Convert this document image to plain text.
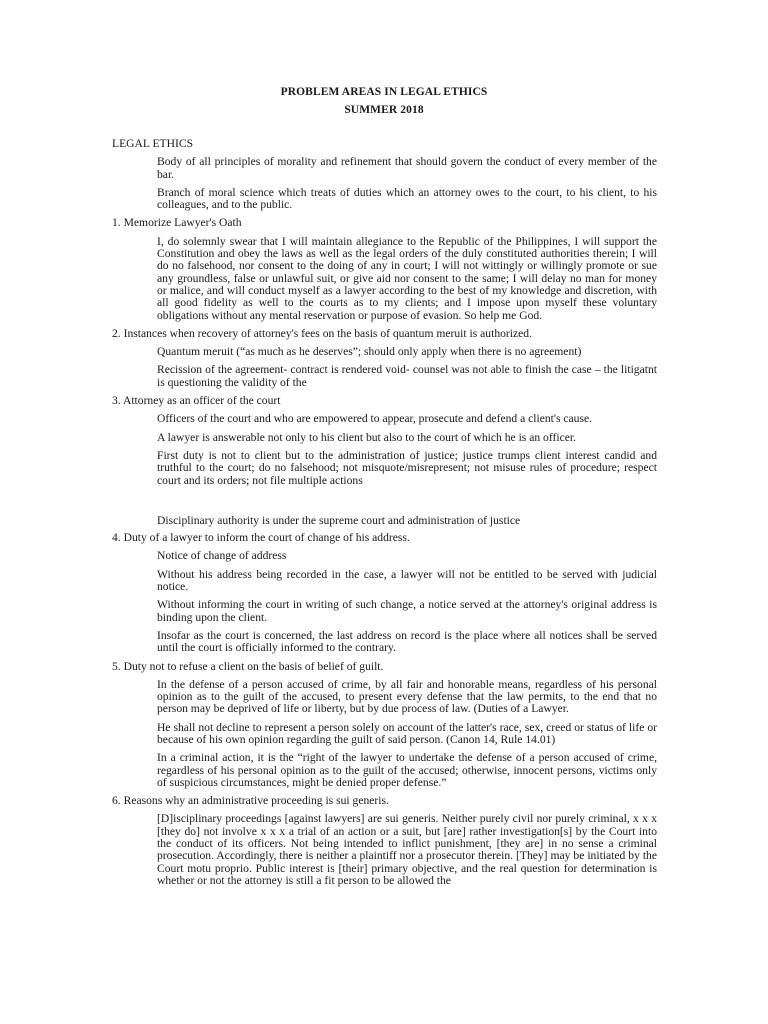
PROBLEM AREAS IN LEGAL ETHICS
SUMMER 2018
LEGAL ETHICS
Body of all principles of morality and refinement that should govern the conduct of every member of the bar.
Branch of moral science which treats of duties which an attorney owes to the court, to his client, to his colleagues, and to the public.
1. Memorize Lawyer's Oath
I, do solemnly swear that I will maintain allegiance to the Republic of the Philippines, I will support the Constitution and obey the laws as well as the legal orders of the duly constituted authorities therein; I will do no falsehood, nor consent to the doing of any in court; I will not wittingly or willingly promote or sue any groundless, false or unlawful suit, or give aid nor consent to the same; I will delay no man for money or malice, and will conduct myself as a lawyer according to the best of my knowledge and discretion, with all good fidelity as well to the courts as to my clients; and I impose upon myself these voluntary obligations without any mental reservation or purpose of evasion. So help me God.
2. Instances when recovery of attorney's fees on the basis of quantum meruit is authorized.
Quantum meruit (“as much as he deserves”; should only apply when there is no agreement)
Recission of the agreement- contract is rendered void- counsel was not able to finish the case – the litigatnt is questioning the validity of the
3. Attorney as an officer of the court
Officers of the court and who are empowered to appear, prosecute and defend a client's cause.
A lawyer is answerable not only to his client but also to the court of which he is an officer.
First duty is not to client but to the administration of justice; justice trumps client interest candid and truthful to the court; do no falsehood; not misquote/misrepresent; not misuse rules of procedure; respect court and its orders; not file multiple actions
Disciplinary authority is under the supreme court and administration of justice
4. Duty of a lawyer to inform the court of change of his address.
Notice of change of address
Without his address being recorded in the case, a lawyer will not be entitled to be served with judicial notice.
Without informing the court in writing of such change, a notice served at the attorney's original address is binding upon the client.
Insofar as the court is concerned, the last address on record is the place where all notices shall be served until the court is officially informed to the contrary.
5. Duty not to refuse a client on the basis of belief of guilt.
In the defense of a person accused of crime, by all fair and honorable means, regardless of his personal opinion as to the guilt of the accused, to present every defense that the law permits, to the end that no person may be deprived of life or liberty, but by due process of law. (Duties of a Lawyer.
He shall not decline to represent a person solely on account of the latter's race, sex, creed or status of life or because of his own opinion regarding the guilt of said person. (Canon 14, Rule 14.01)
In a criminal action, it is the “right of the lawyer to undertake the defense of a person accused of crime, regardless of his personal opinion as to the guilt of the accused; otherwise, innocent persons, victims only of suspicious circumstances, might be denied proper defense.”
6. Reasons why an administrative proceeding is sui generis.
[D]isciplinary proceedings [against lawyers] are sui generis. Neither purely civil nor purely criminal, x x x [they do] not involve x x x a trial of an action or a suit, but [are] rather investigation[s] by the Court into the conduct of its officers. Not being intended to inflict punishment, [they are] in no sense a criminal prosecution. Accordingly, there is neither a plaintiff nor a prosecutor therein. [They] may be initiated by the Court motu proprio. Public interest is [their] primary objective, and the real question for determination is whether or not the attorney is still a fit person to be allowed the
